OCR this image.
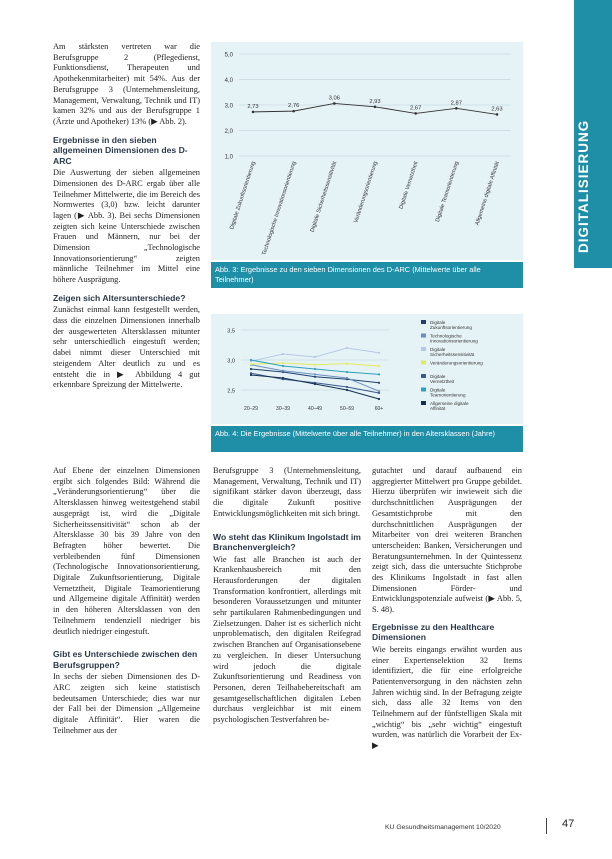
DIGITALISIERUNG

Am stärksten vertreten war die Berufsgruppe 2 (Pflegedienst, Funktionsdienst, Therapeuten und Apothekenmitarbeiter) mit 54%. Aus der Berufsgruppe 3 (Unternehmensleitung, Management, Verwaltung, Technik und IT) kamen 32% und aus der Berufsgruppe 1 (Ärzte und Apotheker) 13% (▶ Abb. 2).

Ergebnisse in den sieben allgemeinen Dimensionen des D-ARC

Die Auswertung der sieben allgemeinen Dimensionen des D-ARC ergab über alle Teilnehmer Mittelwerte, die im Bereich des Normwertes (3,0) bzw. leicht darunter lagen (▶ Abb. 3). Bei sechs Dimensionen zeigten sich keine Unterschiede zwischen Frauen und Männern, nur bei der Dimension „Technologische Innovationsorientierung“ zeigten männliche Teilnehmer im Mittel eine höhere Ausprägung.

Zeigen sich Altersunterschiede?

Zunächst einmal kann festgestellt werden, dass die einzelnen Dimensionen innerhalb der ausgewerteten Altersklassen mitunter sehr unterschiedlich eingestuft werden; dabei nimmt dieser Unterschied mit steigendem Alter deutlich zu und es entsteht die in ▶ Abbildung 4 gut erkennbare Spreizung der Mittelwerte.

Auf Ebene der einzelnen Dimensionen ergibt sich folgendes Bild: Während die „Veränderungsorientierung“ über die Altersklassen hinweg weitestgehend stabil ausgeprägt ist, wird die „Digitale Sicherheitssensitivität“ schon ab der Altersklasse 30 bis 39 Jahre von den Befragten höher bewertet. Die verbleibenden fünf Dimensionen (Technologische Innovationsorientierung, Digitale Zukunftsorientierung, Digitale Vernetztheit, Digitale Teamorientierung und Allgemeine digitale Affinität) werden in den höheren Altersklassen von den Teilnehmern tendenziell niedriger bis deutlich niedriger eingestuft.

Gibt es Unterschiede zwischen den Berufsgruppen?

In sechs der sieben Dimensionen des D-ARC zeigten sich keine statistisch bedeutsamen Unterschiede; dies war nur der Fall bei der Dimension „Allgemeine digitale Affinität“. Hier waren die Teilnehmer aus der

Berufsgruppe 3 (Unternehmensleitung, Management, Verwaltung, Technik und IT) signifikant stärker davon überzeugt, dass die digitale Zukunft positive Entwicklungsmöglichkeiten mit sich bringt.

Wo steht das Klinikum Ingolstadt im Branchenvergleich?

Wie fast alle Branchen ist auch der Krankenhausbereich mit den Herausforderungen der digitalen Transformation konfrontiert, allerdings mit besonderen Voraussetzungen und mitunter sehr partikularen Rahmenbedingungen und Zielsetzungen. Daher ist es sicherlich nicht unproblematisch, den digitalen Reifegrad zwischen Branchen auf Organisationsebene zu vergleichen. In dieser Untersuchung wird jedoch die digitale Zukunftsorientierung und Readiness von Personen, deren Teilhabebereitschaft am gesamtgesellschaftlichen digitalen Leben durchaus vergleichbar ist mit einem psychologischen Testverfahren be-

gutachtet und darauf aufbauend ein aggregierter Mittelwert pro Gruppe gebildet. Hierzu überprüfen wir inwieweit sich die durchschnittlichen Ausprägungen der Gesamtstichprobe mit den durchschnittlichen Ausprägungen der Mitarbeiter von drei weiteren Branchen unterscheiden: Banken, Versicherungen und Beratungsunternehmen. In der Quintessenz zeigt sich, dass die untersuchte Stichprobe des Klinikums Ingolstadt in fast allen Dimensionen Förder- und Entwicklungspotenziale aufweist (▶ Abb. 5, S. 48).

Ergebnisse zu den Healthcare Dimensionen

Wie bereits eingangs erwähnt wurden aus einer Expertenselektion 32 Items identifiziert, die für eine erfolgreiche Patientenversorgung in den nächsten zehn Jahren wichtig sind. In der Befragung zeigte sich, dass alle 32 Items von den Teilnehmern auf der fünfstelligen Skala mit „wichtig“ bis „sehr wichtig“ eingestuft wurden, was natürlich die Vorarbeit der Ex- ▶

1,0
2,0
3,0
4,0
5,0
2,73	2,76
3,06
2,93
2,67
2,87
2,63
Digitale Zukunftsorientierung Technologische Innovationsorientierung Digitale Sicherheitssensitivität	Veränderungsorientierung	Digitale Vernetztheit	Digitale Teamorientierung	Allgemeine digitale Affinität
Abb. 3: Ergebnisse zu den sieben Dimensionen des D-ARC (Mittelwerte über alle Teilnehmer)
3,5
3,0
2,5
20–29	30–39	40–49	50–59	60+
Digitale Zukunftsorientierung
Technologische Innovationsorientierung
Digitale Sicherheitssensitivität
Veränderungsorientierung
Digitale Vernetztheit
Digitale Teamorientierung
Allgemeine digitale Affinität
Abb. 4: Die Ergebnisse (Mittelwerte über alle Teilnehmer) in den Altersklassen (Jahre)
KU Gesundheitsmanagement 10/2020	47
